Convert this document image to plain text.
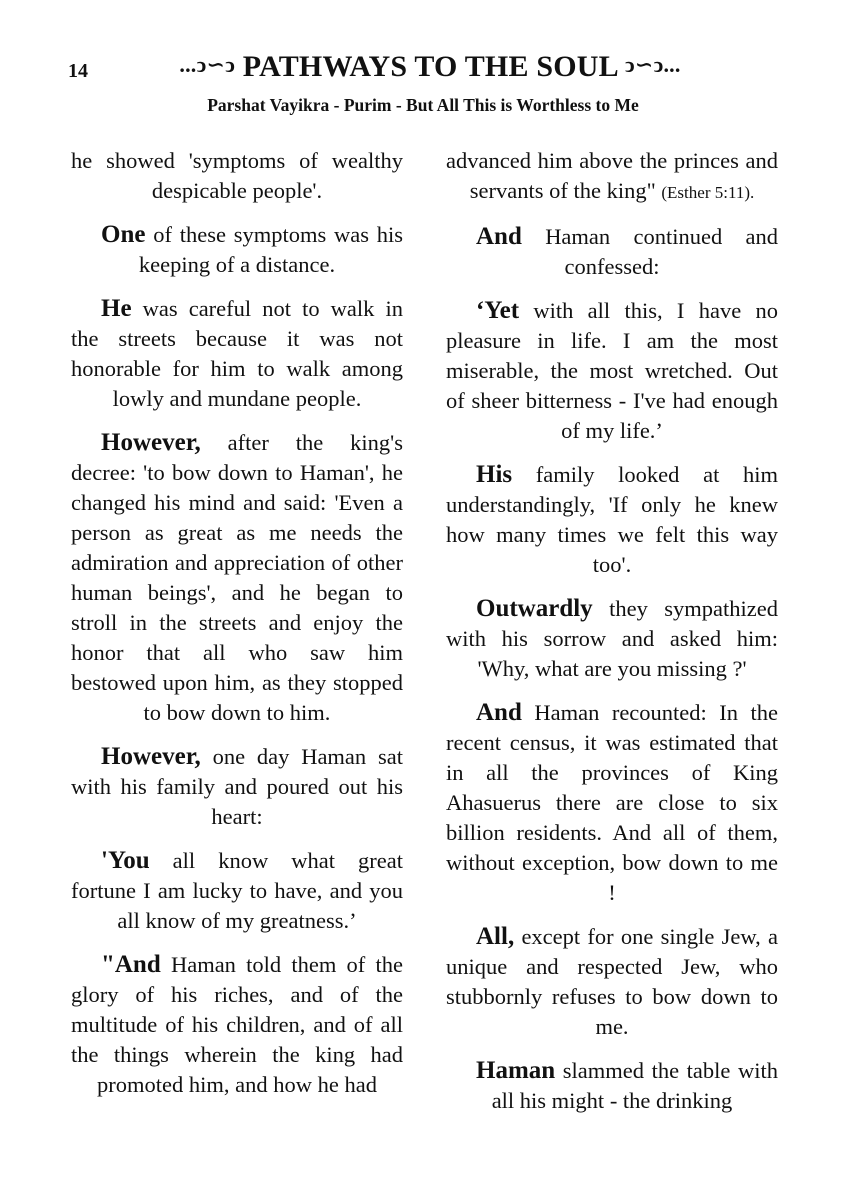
14	...ↄ∽ↄ PATHWAYS TO THE SOUL ↄ∽ↄ...
Parshat Vayikra - Purim - But All This is Worthless to Me

he showed 'symptoms of wealthy despicable people'.

One of these symptoms was his keeping of a distance.

He was careful not to walk in the streets because it was not honorable for him to walk among lowly and mundane people.

However, after the king's decree: 'to bow down to Haman', he changed his mind and said: 'Even a person as great as me needs the admiration and appreciation of other human beings', and he began to stroll in the streets and enjoy the honor that all who saw him bestowed upon him, as they stopped to bow down to him.

However, one day Haman sat with his family and poured out his heart:

'You all know what great fortune I am lucky to have, and you all know of my greatness.’

"And Haman told them of the glory of his riches, and of the multitude of his children, and of all the things wherein the king had promoted him, and how he had

advanced him above the princes and servants of the king" (Esther 5:11).

And Haman continued and confessed:

‘Yet with all this, I have no pleasure in life. I am the most miserable, the most wretched. Out of sheer bitterness - I've had enough of my life.’

His family looked at him understandingly, 'If only he knew how many times we felt this way too'.

Outwardly they sympathized with his sorrow and asked him: 'Why, what are you missing ?'

And Haman recounted: In the recent census, it was estimated that in all the provinces of King Ahasuerus there are close to six billion residents. And all of them, without exception, bow down to me !

All, except for one single Jew, a unique and respected Jew, who stubbornly refuses to bow down to me.

Haman slammed the table with all his might - the drinking
